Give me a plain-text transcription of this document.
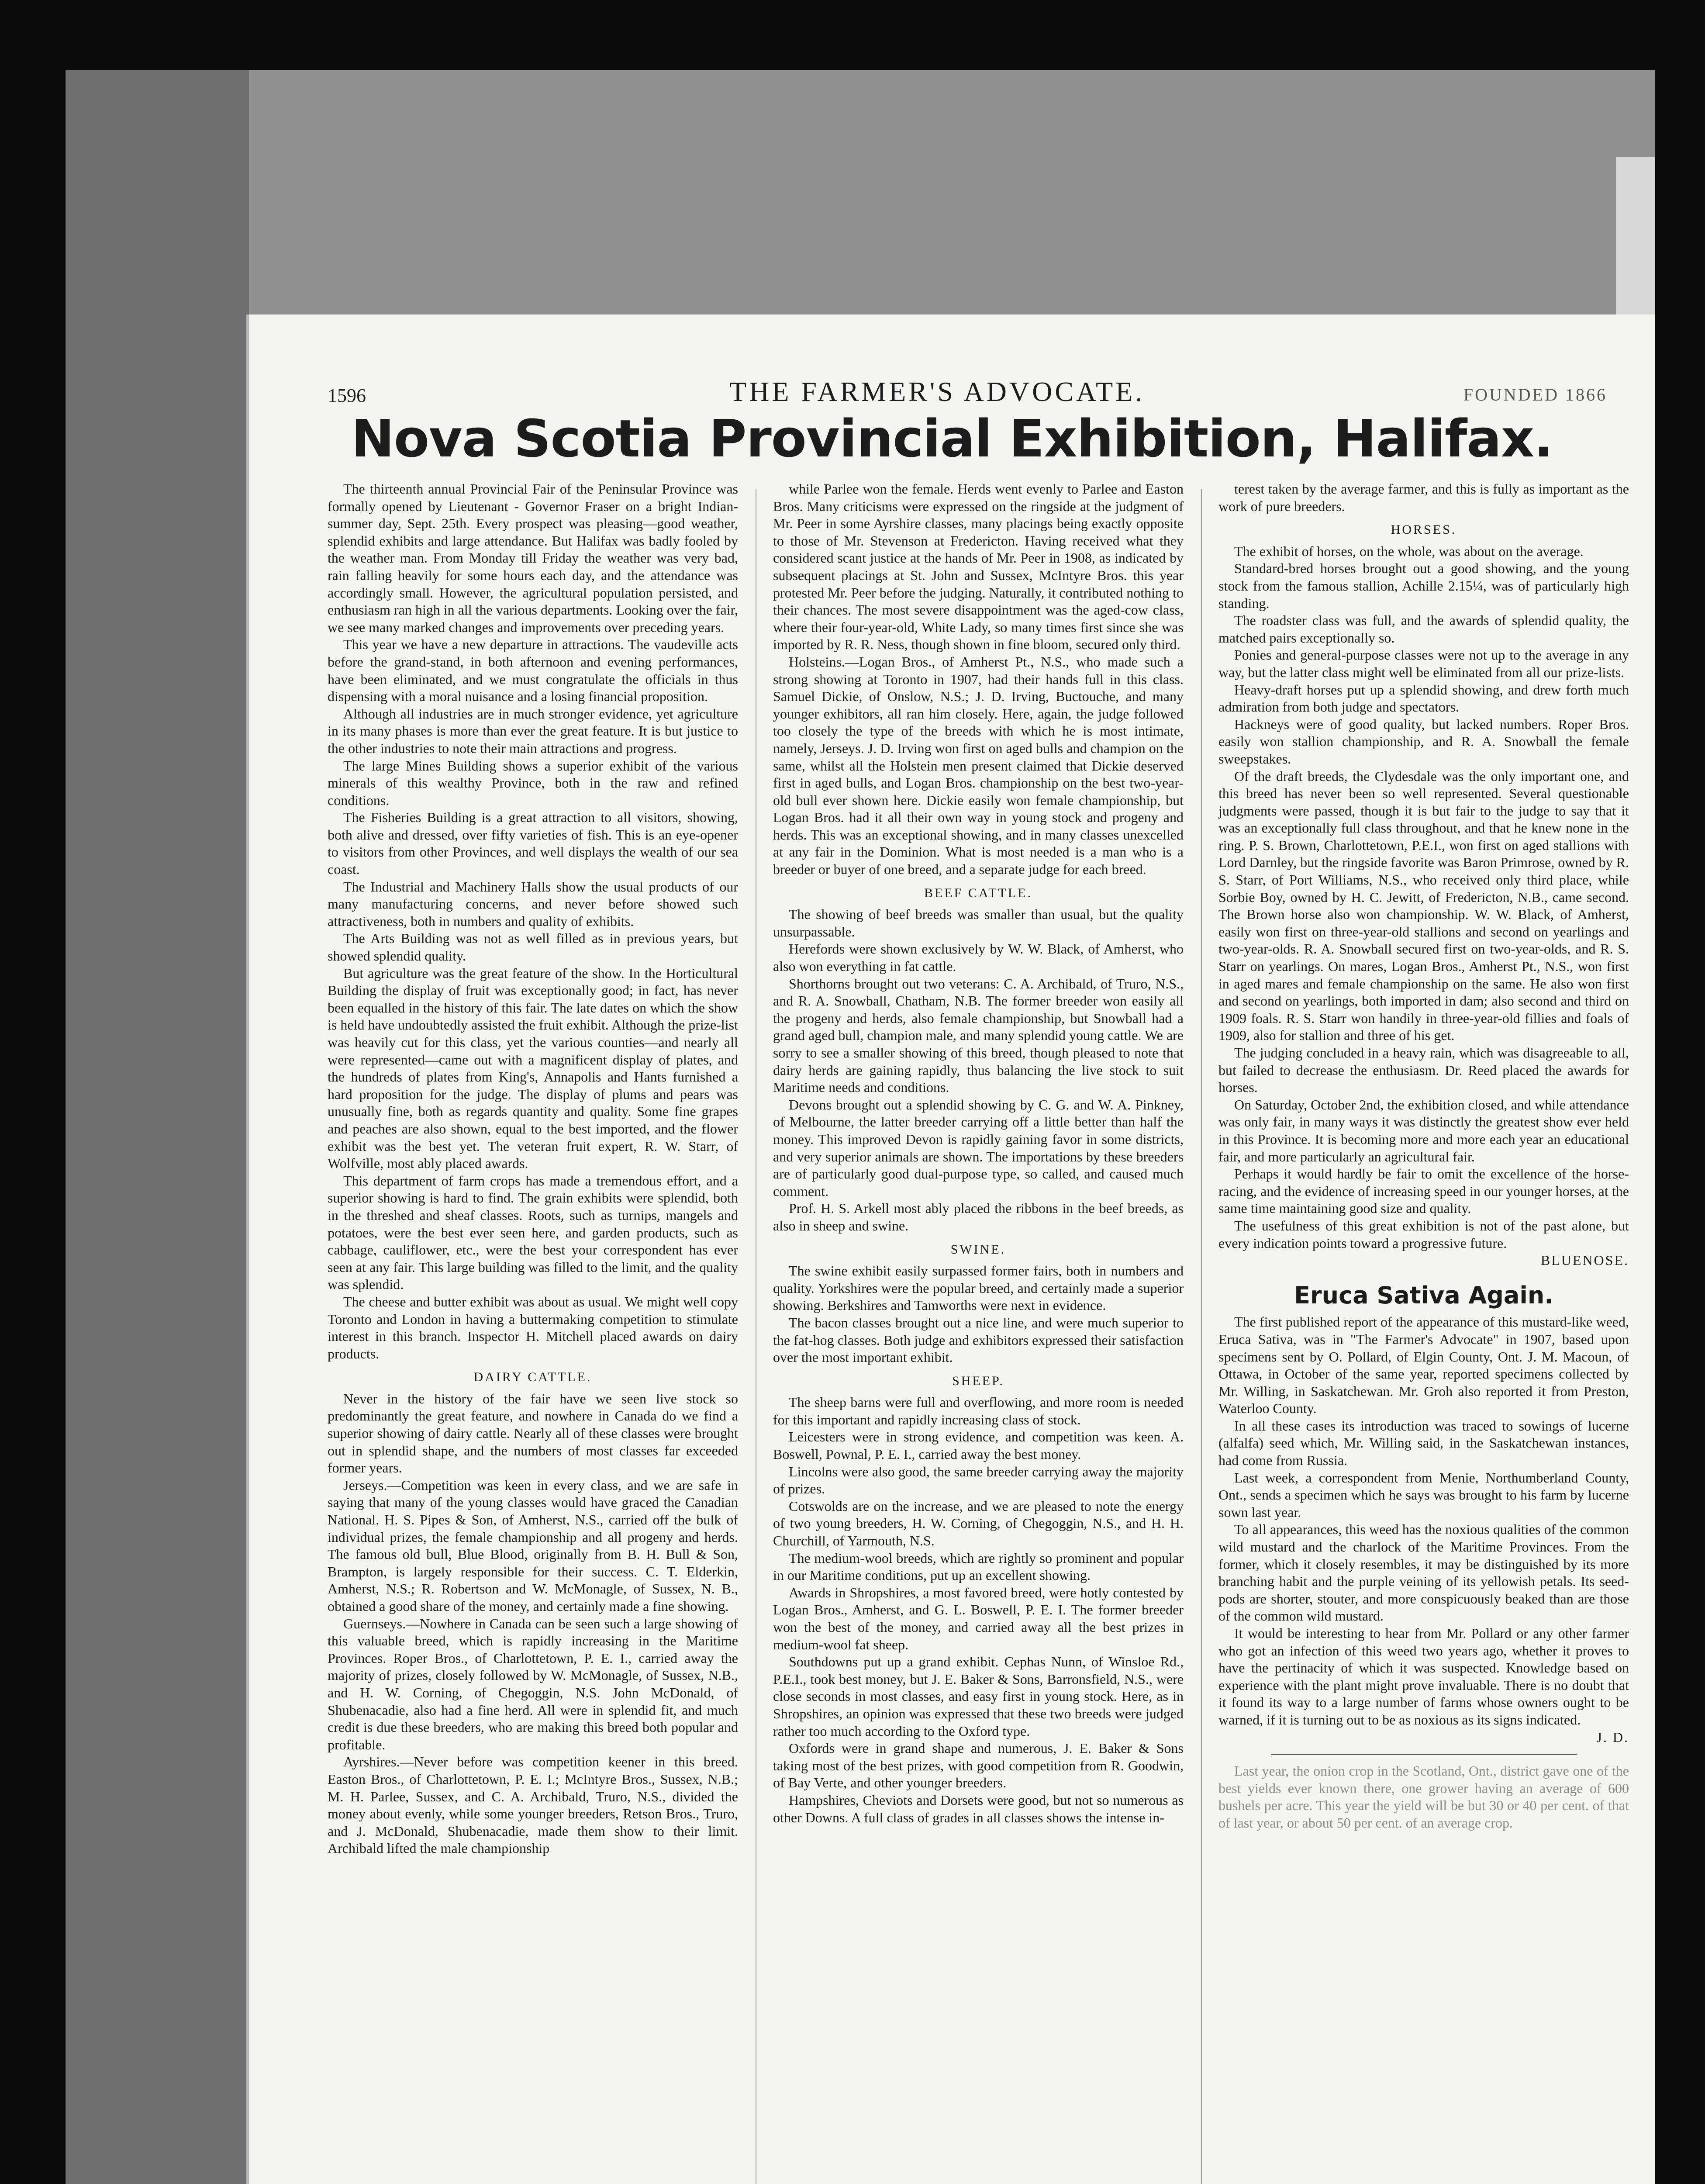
1596	THE FARMER'S ADVOCATE.	FOUNDED 1866
Nova Scotia Provincial Exhibition, Halifax.

The thirteenth annual Provincial Fair of the Peninsular Province was formally opened by Lieutenant - Governor Fraser on a bright Indian-summer day, Sept. 25th. Every prospect was pleasing—good weather, splendid exhibits and large attendance. But Halifax was badly fooled by the weather man. From Monday till Friday the weather was very bad, rain falling heavily for some hours each day, and the attendance was accordingly small. However, the agricultural population persisted, and enthusiasm ran high in all the various departments. Looking over the fair, we see many marked changes and improvements over preceding years.

This year we have a new departure in attractions. The vaudeville acts before the grand-stand, in both afternoon and evening performances, have been eliminated, and we must congratulate the officials in thus dispensing with a moral nuisance and a losing financial proposition.

Although all industries are in much stronger evidence, yet agriculture in its many phases is more than ever the great feature. It is but justice to the other industries to note their main attractions and progress.

The large Mines Building shows a superior exhibit of the various minerals of this wealthy Province, both in the raw and refined conditions.

The Fisheries Building is a great attraction to all visitors, showing, both alive and dressed, over fifty varieties of fish. This is an eye-opener to visitors from other Provinces, and well displays the wealth of our sea coast.

The Industrial and Machinery Halls show the usual products of our many manufacturing concerns, and never before showed such attractiveness, both in numbers and quality of exhibits.

The Arts Building was not as well filled as in previous years, but showed splendid quality.

But agriculture was the great feature of the show. In the Horticultural Building the display of fruit was exceptionally good; in fact, has never been equalled in the history of this fair. The late dates on which the show is held have undoubtedly assisted the fruit exhibit. Although the prize-list was heavily cut for this class, yet the various counties—and nearly all were represented—came out with a magnificent display of plates, and the hundreds of plates from King's, Annapolis and Hants furnished a hard proposition for the judge. The display of plums and pears was unusually fine, both as regards quantity and quality. Some fine grapes and peaches are also shown, equal to the best imported, and the flower exhibit was the best yet. The veteran fruit expert, R. W. Starr, of Wolfville, most ably placed awards.

This department of farm crops has made a tremendous effort, and a superior showing is hard to find. The grain exhibits were splendid, both in the threshed and sheaf classes. Roots, such as turnips, mangels and potatoes, were the best ever seen here, and garden products, such as cabbage, cauliflower, etc., were the best your correspondent has ever seen at any fair. This large building was filled to the limit, and the quality was splendid.

The cheese and butter exhibit was about as usual. We might well copy Toronto and London in having a buttermaking competition to stimulate interest in this branch. Inspector H. Mitchell placed awards on dairy products.

DAIRY CATTLE.

Never in the history of the fair have we seen live stock so predominantly the great feature, and nowhere in Canada do we find a superior showing of dairy cattle. Nearly all of these classes were brought out in splendid shape, and the numbers of most classes far exceeded former years.

Jerseys.—Competition was keen in every class, and we are safe in saying that many of the young classes would have graced the Canadian National. H. S. Pipes & Son, of Amherst, N.S., carried off the bulk of individual prizes, the female championship and all progeny and herds. The famous old bull, Blue Blood, originally from B. H. Bull & Son, Brampton, is largely responsible for their success. C. T. Elderkin, Amherst, N.S.; R. Robertson and W. McMonagle, of Sussex, N. B., obtained a good share of the money, and certainly made a fine showing.

Guernseys.—Nowhere in Canada can be seen such a large showing of this valuable breed, which is rapidly increasing in the Maritime Provinces. Roper Bros., of Charlottetown, P. E. I., carried away the majority of prizes, closely followed by W. McMonagle, of Sussex, N.B., and H. W. Corning, of Chegoggin, N.S. John McDonald, of Shubenacadie, also had a fine herd. All were in splendid fit, and much credit is due these breeders, who are making this breed both popular and profitable.

Ayrshires.—Never before was competition keener in this breed. Easton Bros., of Charlottetown, P. E. I.; McIntyre Bros., Sussex, N.B.; M. H. Parlee, Sussex, and C. A. Archibald, Truro, N.S., divided the money about evenly, while some younger breeders, Retson Bros., Truro, and J. McDonald, Shubenacadie, made them show to their limit. Archibald lifted the male championship

while Parlee won the female. Herds went evenly to Parlee and Easton Bros. Many criticisms were expressed on the ringside at the judgment of Mr. Peer in some Ayrshire classes, many placings being exactly opposite to those of Mr. Stevenson at Fredericton. Having received what they considered scant justice at the hands of Mr. Peer in 1908, as indicated by subsequent placings at St. John and Sussex, McIntyre Bros. this year protested Mr. Peer before the judging. Naturally, it contributed nothing to their chances. The most severe disappointment was the aged-cow class, where their four-year-old, White Lady, so many times first since she was imported by R. R. Ness, though shown in fine bloom, secured only third.

Holsteins.—Logan Bros., of Amherst Pt., N.S., who made such a strong showing at Toronto in 1907, had their hands full in this class. Samuel Dickie, of Onslow, N.S.; J. D. Irving, Buctouche, and many younger exhibitors, all ran him closely. Here, again, the judge followed too closely the type of the breeds with which he is most intimate, namely, Jerseys. J. D. Irving won first on aged bulls and champion on the same, whilst all the Holstein men present claimed that Dickie deserved first in aged bulls, and Logan Bros. championship on the best two-year-old bull ever shown here. Dickie easily won female championship, but Logan Bros. had it all their own way in young stock and progeny and herds. This was an exceptional showing, and in many classes unexcelled at any fair in the Dominion. What is most needed is a man who is a breeder or buyer of one breed, and a separate judge for each breed.

BEEF CATTLE.

The showing of beef breeds was smaller than usual, but the quality unsurpassable.

Herefords were shown exclusively by W. W. Black, of Amherst, who also won everything in fat cattle.

Shorthorns brought out two veterans: C. A. Archibald, of Truro, N.S., and R. A. Snowball, Chatham, N.B. The former breeder won easily all the progeny and herds, also female championship, but Snowball had a grand aged bull, champion male, and many splendid young cattle. We are sorry to see a smaller showing of this breed, though pleased to note that dairy herds are gaining rapidly, thus balancing the live stock to suit Maritime needs and conditions.

Devons brought out a splendid showing by C. G. and W. A. Pinkney, of Melbourne, the latter breeder carrying off a little better than half the money. This improved Devon is rapidly gaining favor in some districts, and very superior animals are shown. The importations by these breeders are of particularly good dual-purpose type, so called, and caused much comment.

Prof. H. S. Arkell most ably placed the ribbons in the beef breeds, as also in sheep and swine.

SWINE.

The swine exhibit easily surpassed former fairs, both in numbers and quality. Yorkshires were the popular breed, and certainly made a superior showing. Berkshires and Tamworths were next in evidence.

The bacon classes brought out a nice line, and were much superior to the fat-hog classes. Both judge and exhibitors expressed their satisfaction over the most important exhibit.

SHEEP.

The sheep barns were full and overflowing, and more room is needed for this important and rapidly increasing class of stock.

Leicesters were in strong evidence, and competition was keen. A. Boswell, Pownal, P. E. I., carried away the best money.

Lincolns were also good, the same breeder carrying away the majority of prizes.

Cotswolds are on the increase, and we are pleased to note the energy of two young breeders, H. W. Corning, of Chegoggin, N.S., and H. H. Churchill, of Yarmouth, N.S.

The medium-wool breeds, which are rightly so prominent and popular in our Maritime conditions, put up an excellent showing.

Awards in Shropshires, a most favored breed, were hotly contested by Logan Bros., Amherst, and G. L. Boswell, P. E. I. The former breeder won the best of the money, and carried away all the best prizes in medium-wool fat sheep.

Southdowns put up a grand exhibit. Cephas Nunn, of Winsloe Rd., P.E.I., took best money, but J. E. Baker & Sons, Barronsfield, N.S., were close seconds in most classes, and easy first in young stock. Here, as in Shropshires, an opinion was expressed that these two breeds were judged rather too much according to the Oxford type.

Oxfords were in grand shape and numerous, J. E. Baker & Sons taking most of the best prizes, with good competition from R. Goodwin, of Bay Verte, and other younger breeders.

Hampshires, Cheviots and Dorsets were good, but not so numerous as other Downs. A full class of grades in all classes shows the intense in-

terest taken by the average farmer, and this is fully as important as the work of pure breeders.

HORSES.

The exhibit of horses, on the whole, was about on the average.

Standard-bred horses brought out a good showing, and the young stock from the famous stallion, Achille 2.15¼, was of particularly high standing.

The roadster class was full, and the awards of splendid quality, the matched pairs exceptionally so.

Ponies and general-purpose classes were not up to the average in any way, but the latter class might well be eliminated from all our prize-lists.

Heavy-draft horses put up a splendid showing, and drew forth much admiration from both judge and spectators.

Hackneys were of good quality, but lacked numbers. Roper Bros. easily won stallion championship, and R. A. Snowball the female sweepstakes.

Of the draft breeds, the Clydesdale was the only important one, and this breed has never been so well represented. Several questionable judgments were passed, though it is but fair to the judge to say that it was an exceptionally full class throughout, and that he knew none in the ring. P. S. Brown, Charlottetown, P.E.I., won first on aged stallions with Lord Darnley, but the ringside favorite was Baron Primrose, owned by R. S. Starr, of Port Williams, N.S., who received only third place, while Sorbie Boy, owned by H. C. Jewitt, of Fredericton, N.B., came second. The Brown horse also won championship. W. W. Black, of Amherst, easily won first on three-year-old stallions and second on yearlings and two-year-olds. R. A. Snowball secured first on two-year-olds, and R. S. Starr on yearlings. On mares, Logan Bros., Amherst Pt., N.S., won first in aged mares and female championship on the same. He also won first and second on yearlings, both imported in dam; also second and third on 1909 foals. R. S. Starr won handily in three-year-old fillies and foals of 1909, also for stallion and three of his get.

The judging concluded in a heavy rain, which was disagreeable to all, but failed to decrease the enthusiasm. Dr. Reed placed the awards for horses.

On Saturday, October 2nd, the exhibition closed, and while attendance was only fair, in many ways it was distinctly the greatest show ever held in this Province. It is becoming more and more each year an educational fair, and more particularly an agricultural fair.

Perhaps it would hardly be fair to omit the excellence of the horse-racing, and the evidence of increasing speed in our younger horses, at the same time maintaining good size and quality.

The usefulness of this great exhibition is not of the past alone, but every indication points toward a progressive future.

BLUENOSE.

Eruca Sativa Again.

The first published report of the appearance of this mustard-like weed, Eruca Sativa, was in "The Farmer's Advocate" in 1907, based upon specimens sent by O. Pollard, of Elgin County, Ont. J. M. Macoun, of Ottawa, in October of the same year, reported specimens collected by Mr. Willing, in Saskatchewan. Mr. Groh also reported it from Preston, Waterloo County.

In all these cases its introduction was traced to sowings of lucerne (alfalfa) seed which, Mr. Willing said, in the Saskatchewan instances, had come from Russia.

Last week, a correspondent from Menie, Northumberland County, Ont., sends a specimen which he says was brought to his farm by lucerne sown last year.

To all appearances, this weed has the noxious qualities of the common wild mustard and the charlock of the Maritime Provinces. From the former, which it closely resembles, it may be distinguished by its more branching habit and the purple veining of its yellowish petals. Its seed-pods are shorter, stouter, and more conspicuously beaked than are those of the common wild mustard.

It would be interesting to hear from Mr. Pollard or any other farmer who got an infection of this weed two years ago, whether it proves to have the pertinacity of which it was suspected. Knowledge based on experience with the plant might prove invaluable. There is no doubt that it found its way to a large number of farms whose owners ought to be warned, if it is turning out to be as noxious as its signs indicated.

J. D.

Last year, the onion crop in the Scotland, Ont., district gave one of the best yields ever known there, one grower having an average of 600 bushels per acre. This year the yield will be but 30 or 40 per cent. of that of last year, or about 50 per cent. of an average crop.
